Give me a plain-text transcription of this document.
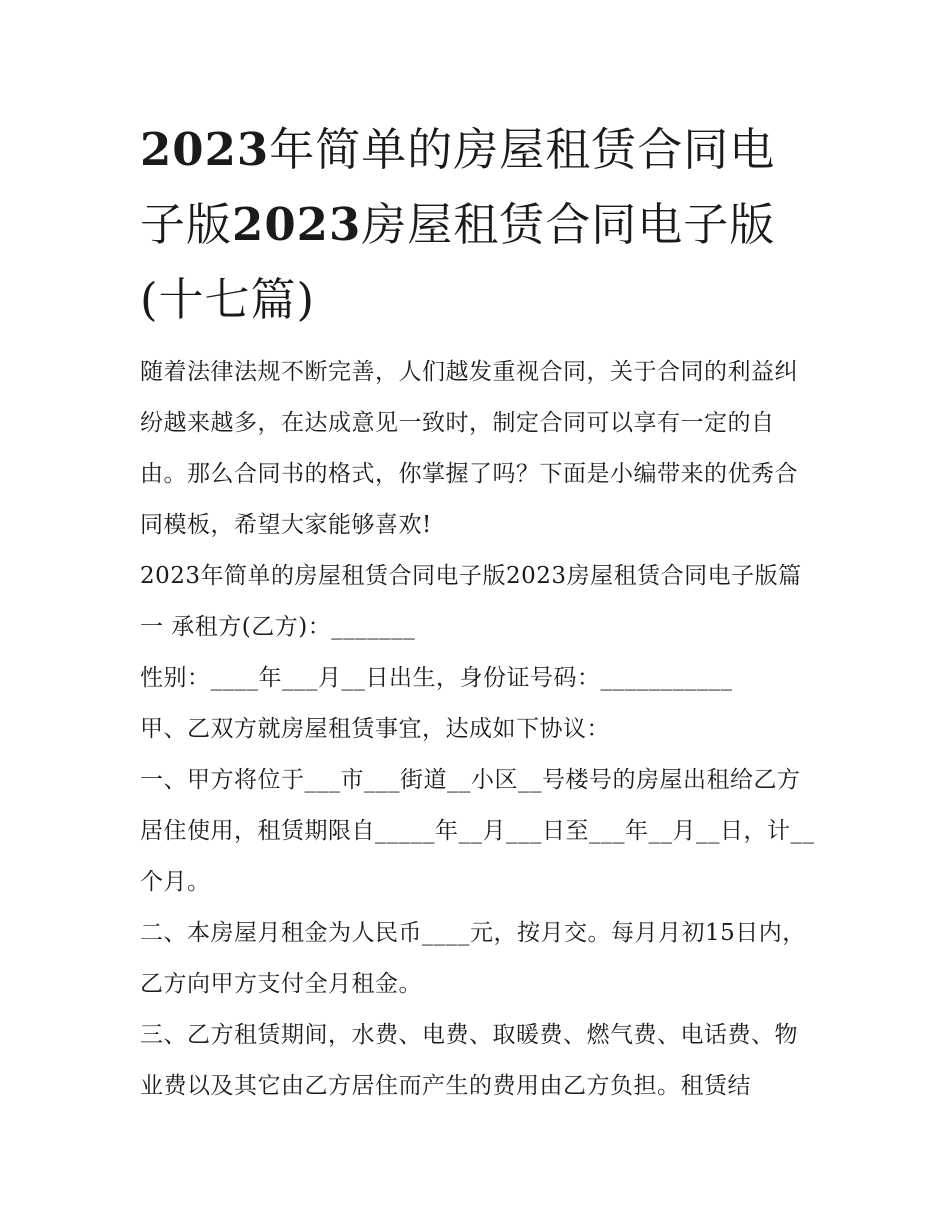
2023年简单的房屋租赁合同电子版2023房屋租赁合同电子版(十七篇)

随着法律法规不断完善，人们越发重视合同，关于合同的利益纠纷越来越多，在达成意见一致时，制定合同可以享有一定的自由。那么合同书的格式，你掌握了吗？下面是小编带来的优秀合同模板，希望大家能够喜欢!

2023年简单的房屋租赁合同电子版2023房屋租赁合同电子版篇一 承租方(乙方)：_______

性别：____年___月__日出生，身份证号码：___________

甲、乙双方就房屋租赁事宜，达成如下协议：

一、甲方将位于___市___街道__小区__号楼号的房屋出租给乙方居住使用，租赁期限自_____年__月___日至___年__月__日，计__个月。

二、本房屋月租金为人民币____元，按月交。每月月初15日内，乙方向甲方支付全月租金。

三、乙方租赁期间，水费、电费、取暖费、燃气费、电话费、物业费以及其它由乙方居住而产生的费用由乙方负担。租赁结
